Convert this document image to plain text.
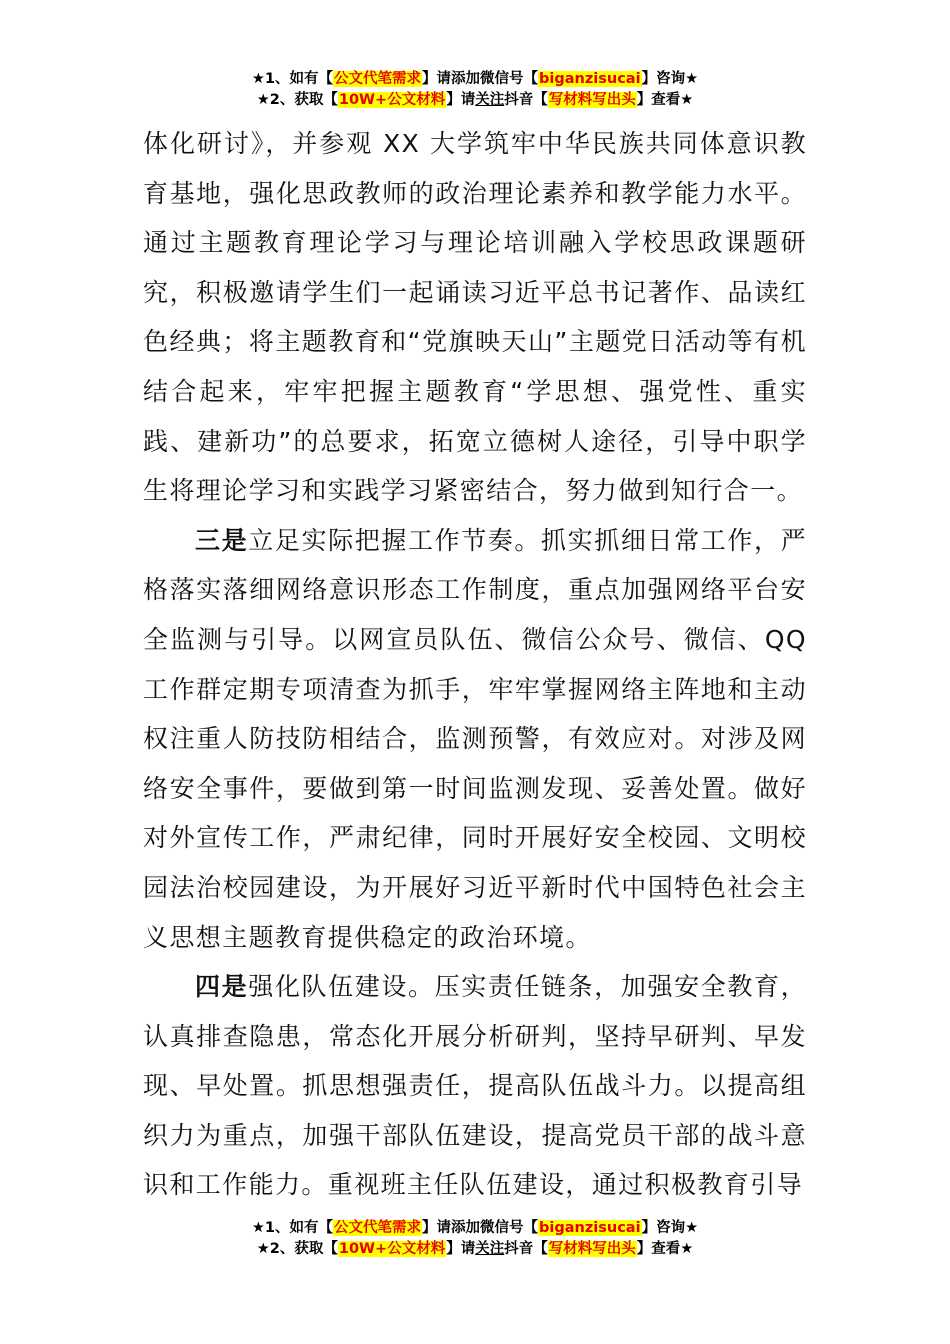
★1、如有【公文代笔需求】请添加微信号【biganzisucai】咨询★
★2、获取【10W+公文材料】请关注抖音【写材料写出头】查看★

体化研讨》，并参观 XX 大学筑牢中华民族共同体意识教育基地，强化思政教师的政治理论素养和教学能力水平。通过主题教育理论学习与理论培训融入学校思政课题研究，积极邀请学生们一起诵读习近平总书记著作、品读红色经典；将主题教育和“党旗映天山”主题党日活动等有机结合起来，牢牢把握主题教育“学思想、强党性、重实践、建新功”的总要求，拓宽立德树人途径，引导中职学生将理论学习和实践学习紧密结合，努力做到知行合一。

三是立足实际把握工作节奏。抓实抓细日常工作，严格落实落细网络意识形态工作制度，重点加强网络平台安全监测与引导。以网宣员队伍、微信公众号、微信、QQ 工作群定期专项清查为抓手，牢牢掌握网络主阵地和主动权注重人防技防相结合，监测预警，有效应对。对涉及网络安全事件，要做到第一时间监测发现、妥善处置。做好对外宣传工作，严肃纪律，同时开展好安全校园、文明校园法治校园建设，为开展好习近平新时代中国特色社会主义思想主题教育提供稳定的政治环境。

四是强化队伍建设。压实责任链条，加强安全教育，认真排查隐患，常态化开展分析研判，坚持早研判、早发现、早处置。抓思想强责任，提高队伍战斗力。以提高组织力为重点，加强干部队伍建设，提高党员干部的战斗意识和工作能力。重视班主任队伍建设，通过积极教育引导

★1、如有【公文代笔需求】请添加微信号【biganzisucai】咨询★
★2、获取【10W+公文材料】请关注抖音【写材料写出头】查看★
